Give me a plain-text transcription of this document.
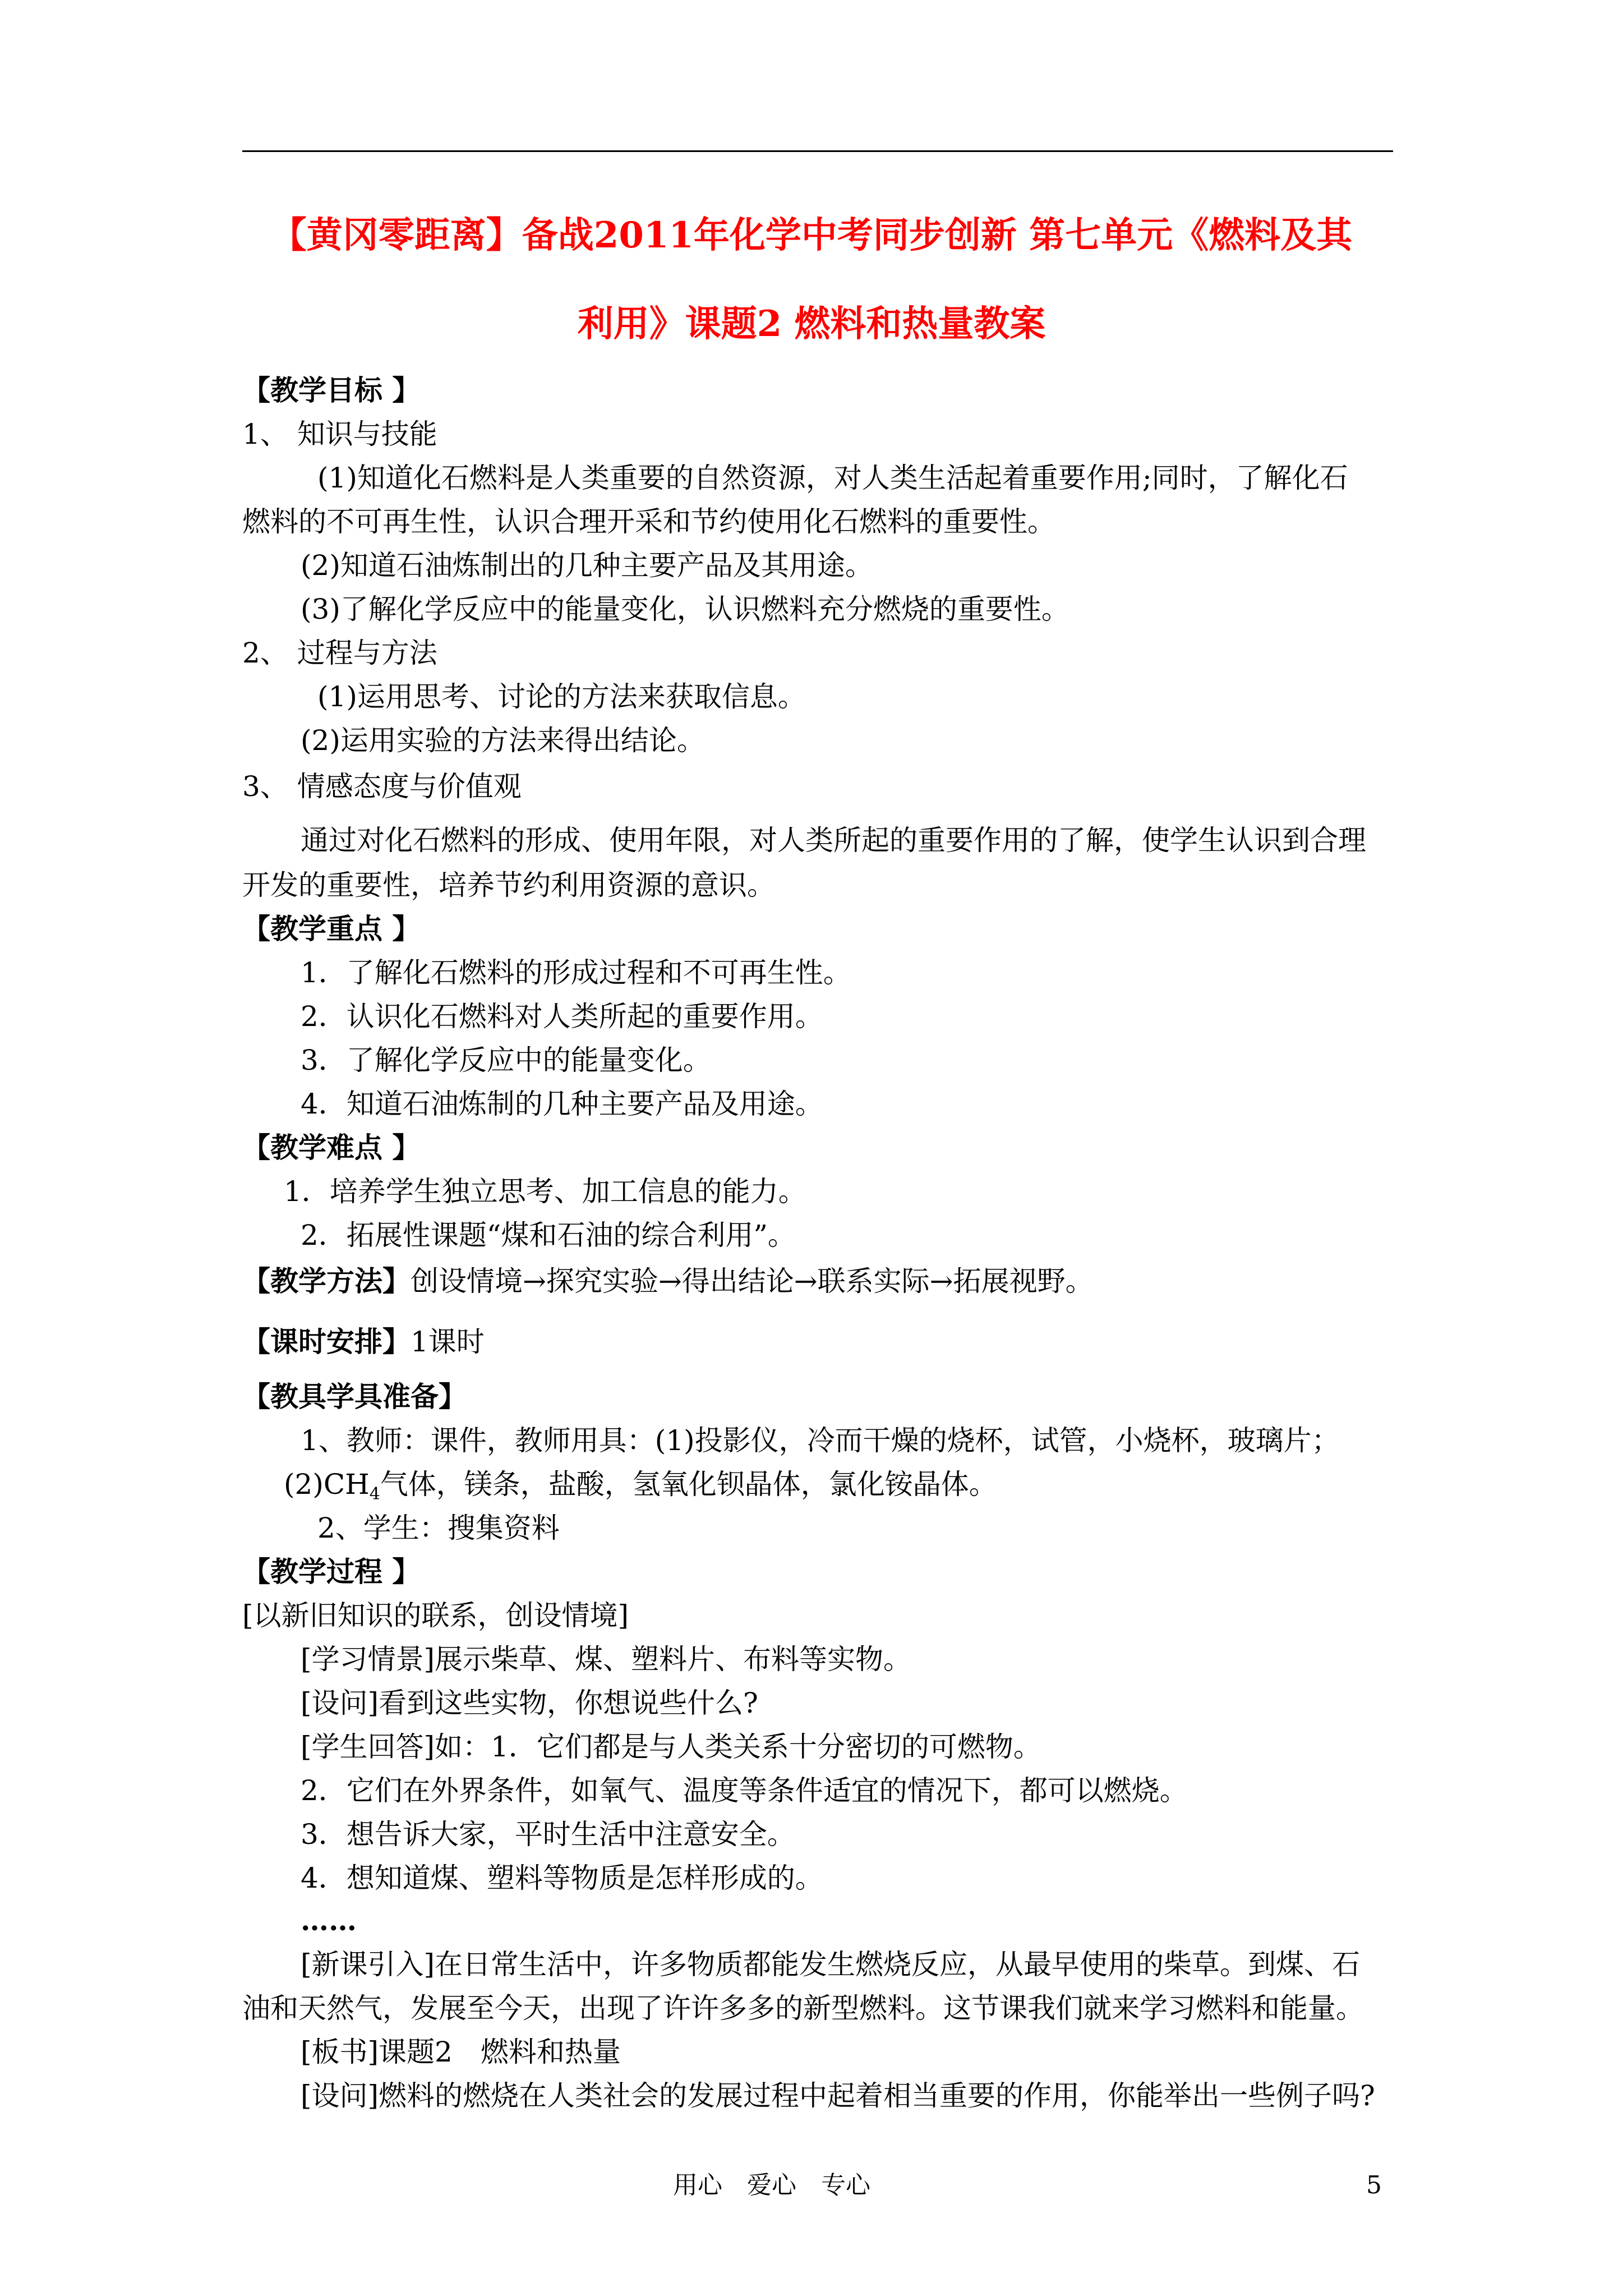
【黄冈零距离】备战2011年化学中考同步创新 第七单元《燃料及其
利用》课题2 燃料和热量教案
【教学目标 】
1、 知识与技能
(1)知道化石燃料是人类重要的自然资源，对人类生活起着重要作用;同时，了解化石
燃料的不可再生性，认识合理开采和节约使用化石燃料的重要性。
(2)知道石油炼制出的几种主要产品及其用途。
(3)了解化学反应中的能量变化，认识燃料充分燃烧的重要性。
2、 过程与方法
(1)运用思考、讨论的方法来获取信息。
(2)运用实验的方法来得出结论。
3、 情感态度与价值观
通过对化石燃料的形成、使用年限，对人类所起的重要作用的了解，使学生认识到合理
开发的重要性，培养节约利用资源的意识。
【教学重点 】
1．了解化石燃料的形成过程和不可再生性。
2．认识化石燃料对人类所起的重要作用。
3．了解化学反应中的能量变化。
4．知道石油炼制的几种主要产品及用途。
【教学难点 】
1．培养学生独立思考、加工信息的能力。
2．拓展性课题“煤和石油的综合利用”。
【教学方法】创设情境→探究实验→得出结论→联系实际→拓展视野。
【课时安排】1课时
【教具学具准备】
1、教师：课件，教师用具：(1)投影仪，冷而干燥的烧杯，试管，小烧杯，玻璃片；
$(2)CH_4$气体，镁条，盐酸，氢氧化钡晶体，氯化铵晶体。
2、学生：搜集资料
【教学过程 】
[以新旧知识的联系，创设情境]
[学习情景]展示柴草、煤、塑料片、布料等实物。
[设问]看到这些实物，你想说些什么?
[学生回答]如：1．它们都是与人类关系十分密切的可燃物。
2．它们在外界条件，如氧气、温度等条件适宜的情况下，都可以燃烧。
3．想告诉大家，平时生活中注意安全。
4．想知道煤、塑料等物质是怎样形成的。
……
[新课引入]在日常生活中，许多物质都能发生燃烧反应，从最早使用的柴草。到煤、石
油和天然气，发展至今天，出现了许许多多的新型燃料。这节课我们就来学习燃料和能量。
[板书]课题2　燃料和热量
[设问]燃料的燃烧在人类社会的发展过程中起着相当重要的作用，你能举出一些例子吗?
用心　爱心　专心	5
